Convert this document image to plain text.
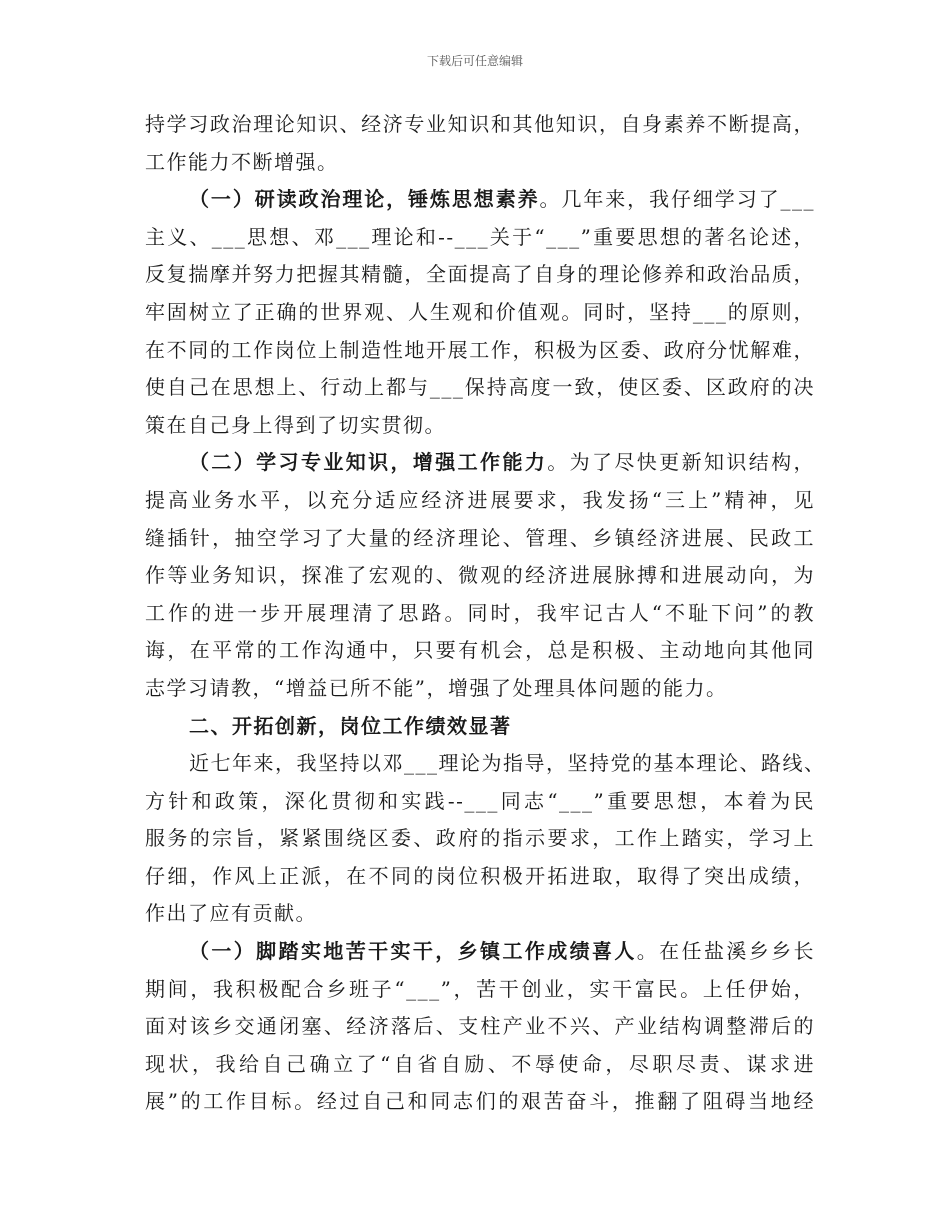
下载后可任意编辑
持学习政治理论知识、经济专业知识和其他知识，自身素养不断提高，
工作能力不断增强。
（一）研读政治理论，锤炼思想素养。几年来，我仔细学习了___
主义、___思想、邓___理论和--___关于“___”重要思想的著名论述，
反复揣摩并努力把握其精髓，全面提高了自身的理论修养和政治品质，
牢固树立了正确的世界观、人生观和价值观。同时，坚持___的原则，
在不同的工作岗位上制造性地开展工作，积极为区委、政府分忧解难，
使自己在思想上、行动上都与___保持高度一致，使区委、区政府的决
策在自己身上得到了切实贯彻。
（二）学习专业知识，增强工作能力。为了尽快更新知识结构，
提高业务水平，以充分适应经济进展要求，我发扬“三上”精神，见
缝插针，抽空学习了大量的经济理论、管理、乡镇经济进展、民政工
作等业务知识，探准了宏观的、微观的经济进展脉搏和进展动向，为
工作的进一步开展理清了思路。同时，我牢记古人“不耻下问”的教
诲，在平常的工作沟通中，只要有机会，总是积极、主动地向其他同
志学习请教，“增益已所不能”，增强了处理具体问题的能力。
二、开拓创新，岗位工作绩效显著
近七年来，我坚持以邓___理论为指导，坚持党的基本理论、路线、
方针和政策，深化贯彻和实践--___同志“___”重要思想，本着为民
服务的宗旨，紧紧围绕区委、政府的指示要求，工作上踏实，学习上
仔细，作风上正派，在不同的岗位积极开拓进取，取得了突出成绩，
作出了应有贡献。
（一）脚踏实地苦干实干，乡镇工作成绩喜人。在任盐溪乡乡长
期间，我积极配合乡班子“___”，苦干创业，实干富民。上任伊始，
面对该乡交通闭塞、经济落后、支柱产业不兴、产业结构调整滞后的
现状，我给自己确立了“自省自励、不辱使命，尽职尽责、谋求进
展”的工作目标。经过自己和同志们的艰苦奋斗，推翻了阻碍当地经
